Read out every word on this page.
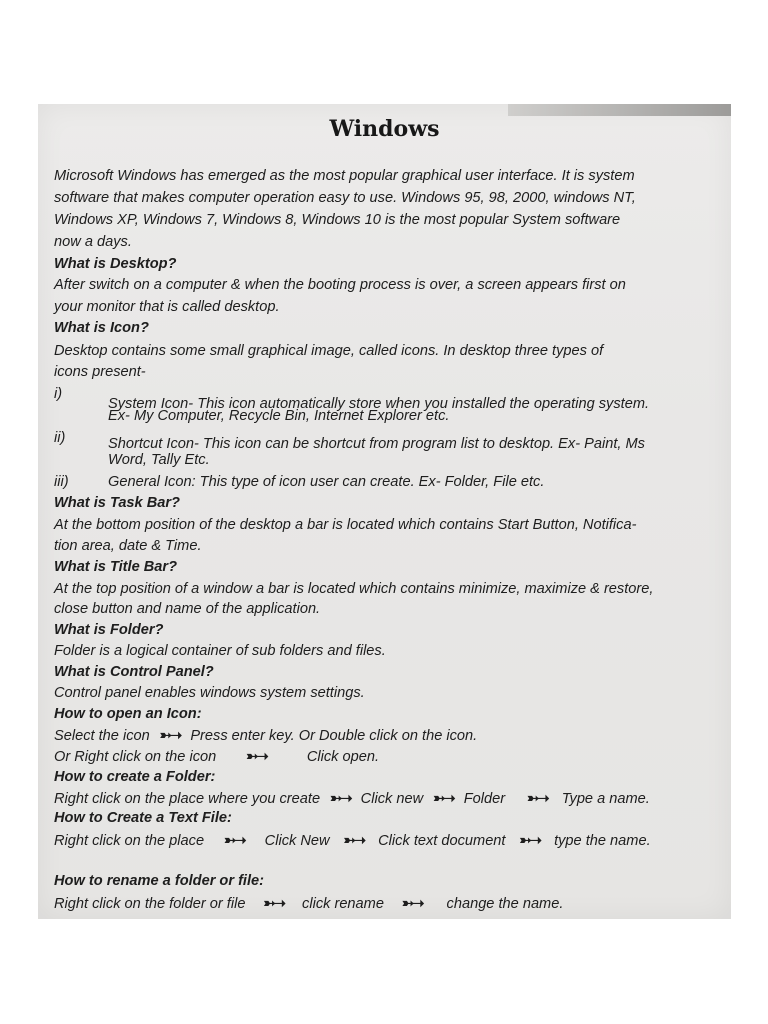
Windows
Microsoft Windows has emerged as the most popular graphical user interface. It is system
software that makes computer operation easy to use. Windows 95, 98, 2000, windows NT,
Windows XP, Windows 7, Windows 8, Windows 10 is the most popular System software
now a days.
What is Desktop?
After switch on a computer & when the booting process is over, a screen appears first on
your monitor that is called desktop.
What is Icon?
Desktop contains some small graphical image, called icons. In desktop three types of
icons present-
i)
System Icon- This icon automatically store when you installed the operating system.
Ex- My Computer, Recycle Bin, Internet Explorer etc.
ii)	Shortcut Icon- This icon can be shortcut from program list to desktop. Ex- Paint, Ms
Word, Tally Etc.
iii)	General Icon: This type of icon user can create. Ex- Folder, File etc.
What is Task Bar?
At the bottom position of the desktop a bar is located which contains Start Button, Notifica-
tion area, date & Time.
What is Title Bar?
At the top position of a window a bar is located which contains minimize, maximize & restore,
close button and name of the application.
What is Folder?
Folder is a logical container of sub folders and files.
What is Control Panel?
Control panel enables windows system settings.
How to open an Icon:
Select the icon ➳➝ Press enter key. Or Double click on the icon.
Or Right click on the icon ➳➝	Click open.
How to create a Folder:
Right click on the place where you create ➳➝ Click new ➳➝ Folder ➳➝ Type a name.
How to Create a Text File:
Right click on the place ➳➝ Click New ➳➝ Click text document ➳➝ type the name.
How to rename a folder or file:
Right click on the folder or file ➳➝ click rename ➳➝ change the name.
